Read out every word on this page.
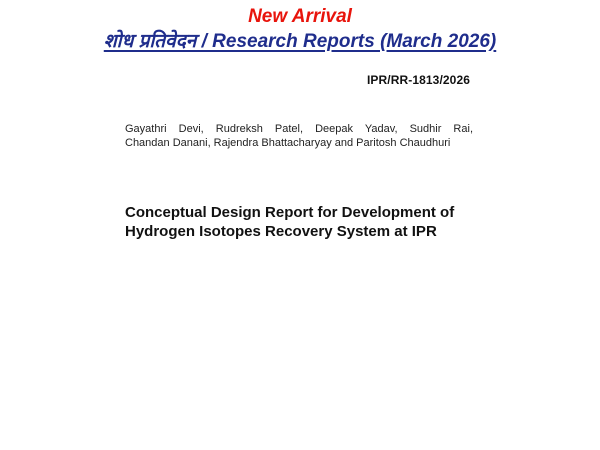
New Arrival

शोध प्रतिवेदन / Research Reports (March 2026)
IPR/RR-1813/2026

Gayathri Devi, Rudreksh Patel, Deepak Yadav, Sudhir Rai,
Chandan Danani, Rajendra Bhattacharyay and Paritosh Chaudhuri

Conceptual Design Report for Development of
Hydrogen Isotopes Recovery System at IPR
